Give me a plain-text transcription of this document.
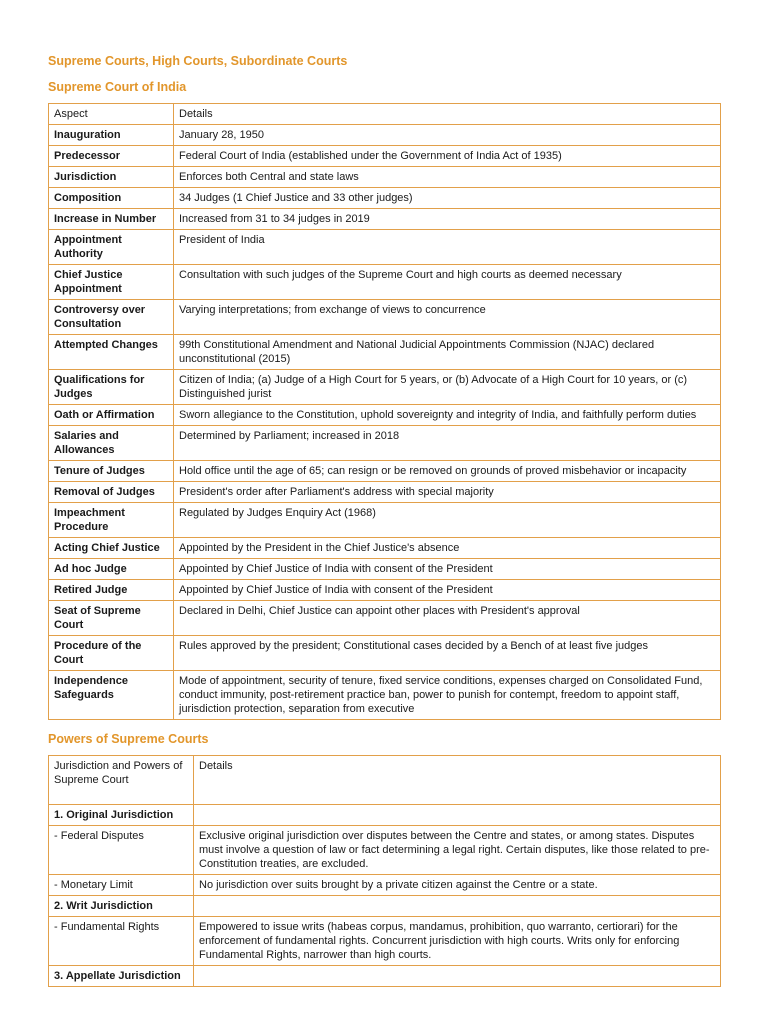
Supreme Courts, High Courts, Subordinate Courts
Supreme Court of India
Aspect	Details
Inauguration	January 28, 1950
Predecessor	Federal Court of India (established under the Government of India Act of 1935)
Jurisdiction	Enforces both Central and state laws
Composition	34 Judges (1 Chief Justice and 33 other judges)
Increase in Number	Increased from 31 to 34 judges in 2019
Appointment Authority	President of India
Chief Justice Appointment	Consultation with such judges of the Supreme Court and high courts as deemed necessary
Controversy over Consultation	Varying interpretations; from exchange of views to concurrence
Attempted Changes	99th Constitutional Amendment and National Judicial Appointments Commission (NJAC) declared unconstitutional (2015)
Qualifications for Judges	Citizen of India; (a) Judge of a High Court for 5 years, or (b) Advocate of a High Court for 10 years, or (c) Distinguished jurist
Oath or Affirmation	Sworn allegiance to the Constitution, uphold sovereignty and integrity of India, and faithfully perform duties
Salaries and Allowances	Determined by Parliament; increased in 2018
Tenure of Judges	Hold office until the age of 65; can resign or be removed on grounds of proved misbehavior or incapacity
Removal of Judges	President's order after Parliament's address with special majority
Impeachment Procedure	Regulated by Judges Enquiry Act (1968)
Acting Chief Justice	Appointed by the President in the Chief Justice's absence
Ad hoc Judge	Appointed by Chief Justice of India with consent of the President
Retired Judge	Appointed by Chief Justice of India with consent of the President
Seat of Supreme Court	Declared in Delhi, Chief Justice can appoint other places with President's approval
Procedure of the Court	Rules approved by the president; Constitutional cases decided by a Bench of at least five judges
Independence Safeguards	Mode of appointment, security of tenure, fixed service conditions, expenses charged on Consolidated Fund, conduct immunity, post-retirement practice ban, power to punish for contempt, freedom to appoint staff, jurisdiction protection, separation from executive
Powers of Supreme Courts
Jurisdiction and Powers of Supreme Court	Details
1. Original Jurisdiction	
- Federal Disputes	Exclusive original jurisdiction over disputes between the Centre and states, or among states. Disputes must involve a question of law or fact determining a legal right. Certain disputes, like those related to pre-Constitution treaties, are excluded.
- Monetary Limit	No jurisdiction over suits brought by a private citizen against the Centre or a state.
2. Writ Jurisdiction	
- Fundamental Rights	Empowered to issue writs (habeas corpus, mandamus, prohibition, quo warranto, certiorari) for the enforcement of fundamental rights. Concurrent jurisdiction with high courts. Writs only for enforcing Fundamental Rights, narrower than high courts.
3. Appellate Jurisdiction	
